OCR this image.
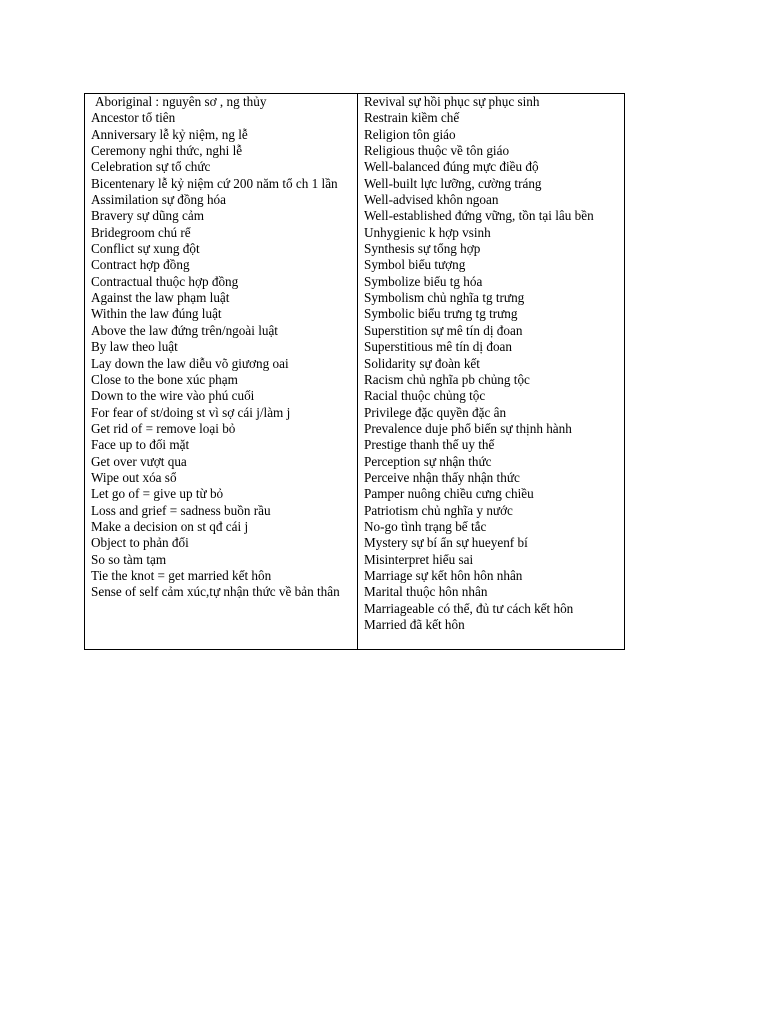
Aboriginal : nguyên sơ , ng thủy

Ancestor tổ tiên

Anniversary lễ kỷ niệm, ng lễ

Ceremony nghi thức, nghi lễ

Celebration sự tổ chức

Bicentenary lễ kỷ niệm cứ 200 năm tổ ch 1 lần

Assimilation sự đồng hóa

Bravery sự dũng cảm

Bridegroom chú rể

Conflict sự xung đột

Contract hợp đồng

Contractual thuộc hợp đồng

Against the law phạm luật

Within the law đúng luật

Above the law đứng trên/ngoài luật

By law theo luật

Lay down the law diễu võ giương oai

Close to the bone xúc phạm

Down to the wire vào phú cuối

For fear of st/doing st vì sợ cái j/làm j

Get rid of = remove loại bỏ

Face up to đối mặt

Get over vượt qua

Wipe out xóa sổ

Let go of = give up từ bỏ

Loss and grief = sadness buồn rầu

Make a decision on st qđ cái j

Object to phản đối

So so tàm tạm

Tie the knot = get married kết hôn

Sense of self cảm xúc,tự nhận thức về bản thân

Revival sự hồi phục sự phục sinh

Restrain kiềm chế

Religion tôn giáo

Religious thuộc về tôn giáo

Well-balanced đúng mực điều độ

Well-built lực lưỡng, cường tráng

Well-advised khôn ngoan

Well-established đứng vững, tồn tại lâu bền

Unhygienic k hợp vsinh

Synthesis sự tổng hợp

Symbol biểu tượng

Symbolize biểu tg hóa

Symbolism chủ nghĩa tg trưng

Symbolic biểu trưng tg trưng

Superstition sự mê tín dị đoan

Superstitious mê tín dị đoan

Solidarity sự đoàn kết

Racism chủ nghĩa pb chủng tộc

Racial thuộc chủng tộc

Privilege đặc quyền đặc ân

Prevalence duje phổ biến sự thịnh hành

Prestige thanh thế uy thế

Perception sự nhận thức

Perceive nhận thấy nhận thức

Pamper nuông chiều cưng chiều

Patriotism chủ nghĩa y nước

No-go tình trạng bế tắc

Mystery sự bí ẩn sự hueyenf bí

Misinterpret hiểu sai

Marriage sự kết hôn hôn nhân

Marital thuộc hôn nhân

Marriageable có thể, đủ tư cách kết hôn

Married đã kết hôn
